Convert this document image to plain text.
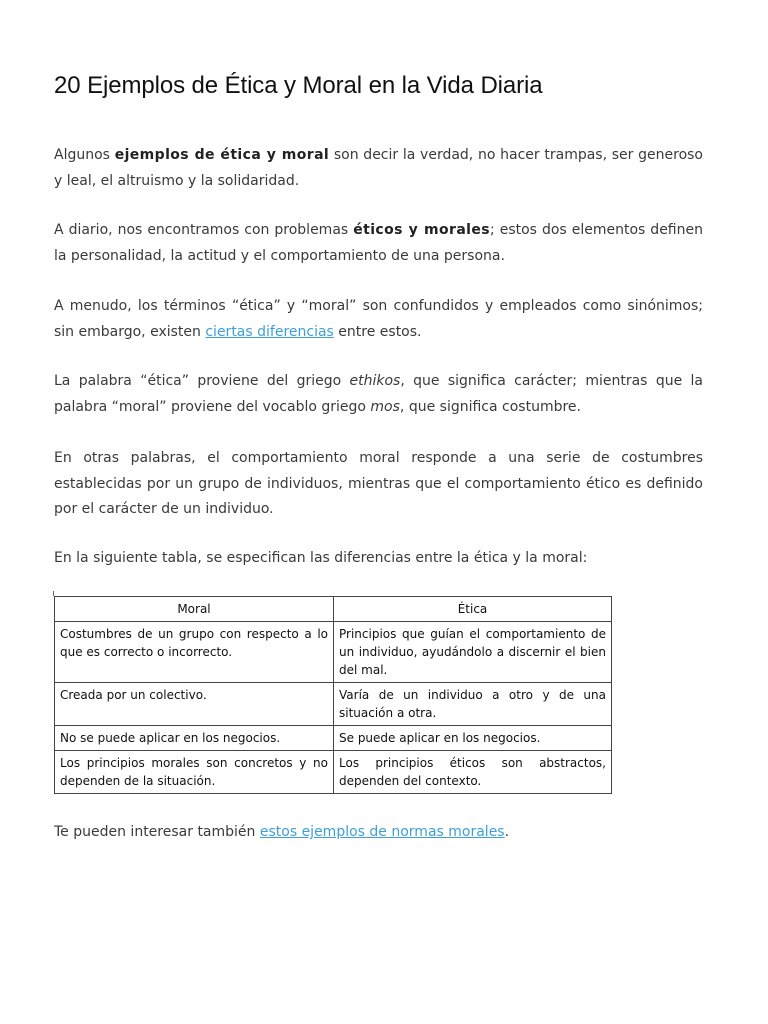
20 Ejemplos de Ética y Moral en la Vida Diaria

Algunos ejemplos de ética y moral son decir la verdad, no hacer trampas, ser generoso y leal, el altruismo y la solidaridad.

A diario, nos encontramos con problemas éticos y morales; estos dos elementos definen la personalidad, la actitud y el comportamiento de una persona.

A menudo, los términos “ética” y “moral” son confundidos y empleados como sinónimos; sin embargo, existen ciertas diferencias entre estos.

La palabra “ética” proviene del griego ethikos, que significa carácter; mientras que la palabra “moral” proviene del vocablo griego mos, que significa costumbre.

En otras palabras, el comportamiento moral responde a una serie de costumbres establecidas por un grupo de individuos, mientras que el comportamiento ético es definido por el carácter de un individuo.

En la siguiente tabla, se especifican las diferencias entre la ética y la moral:

Moral	Ética
Costumbres de un grupo con respecto a lo que es correcto o incorrecto.	Principios que guían el comportamiento de un individuo, ayudándolo a discernir el bien del mal.
Creada por un colectivo.	Varía de un individuo a otro y de una situación a otra.
No se puede aplicar en los negocios.	Se puede aplicar en los negocios.
Los principios morales son concretos y no dependen de la situación.	Los principios éticos son abstractos, dependen del contexto.

Te pueden interesar también estos ejemplos de normas morales.
